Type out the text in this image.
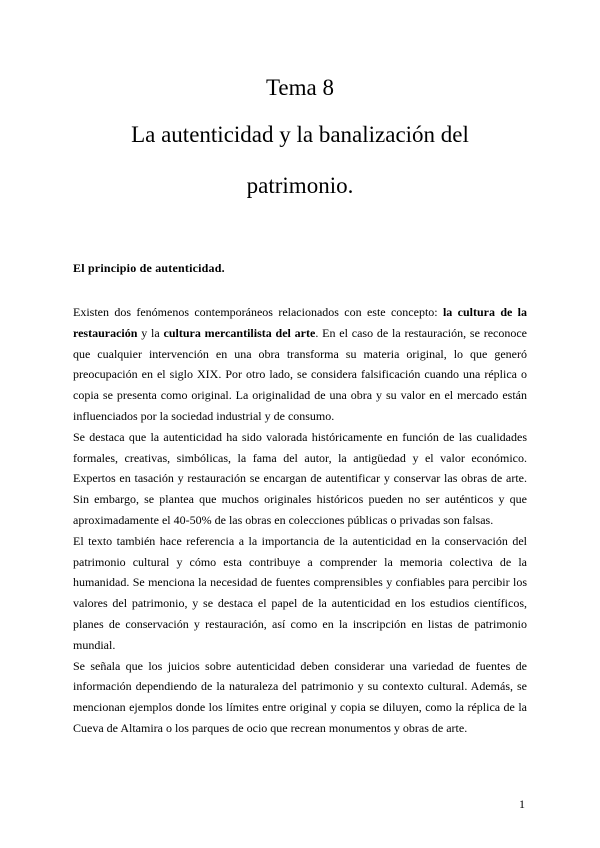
Tema 8
La autenticidad y la banalización del
patrimonio.
El principio de autenticidad.

Existen dos fenómenos contemporáneos relacionados con este concepto: la cultura de la restauración y la cultura mercantilista del arte. En el caso de la restauración, se reconoce que cualquier intervención en una obra transforma su materia original, lo que generó preocupación en el siglo XIX. Por otro lado, se considera falsificación cuando una réplica o copia se presenta como original. La originalidad de una obra y su valor en el mercado están influenciados por la sociedad industrial y de consumo.

Se destaca que la autenticidad ha sido valorada históricamente en función de las cualidades formales, creativas, simbólicas, la fama del autor, la antigüedad y el valor económico. Expertos en tasación y restauración se encargan de autentificar y conservar las obras de arte. Sin embargo, se plantea que muchos originales históricos pueden no ser auténticos y que aproximadamente el 40-50% de las obras en colecciones públicas o privadas son falsas.

El texto también hace referencia a la importancia de la autenticidad en la conservación del patrimonio cultural y cómo esta contribuye a comprender la memoria colectiva de la humanidad. Se menciona la necesidad de fuentes comprensibles y confiables para percibir los valores del patrimonio, y se destaca el papel de la autenticidad en los estudios científicos, planes de conservación y restauración, así como en la inscripción en listas de patrimonio mundial.

Se señala que los juicios sobre autenticidad deben considerar una variedad de fuentes de información dependiendo de la naturaleza del patrimonio y su contexto cultural. Además, se mencionan ejemplos donde los límites entre original y copia se diluyen, como la réplica de la Cueva de Altamira o los parques de ocio que recrean monumentos y obras de arte.

1
